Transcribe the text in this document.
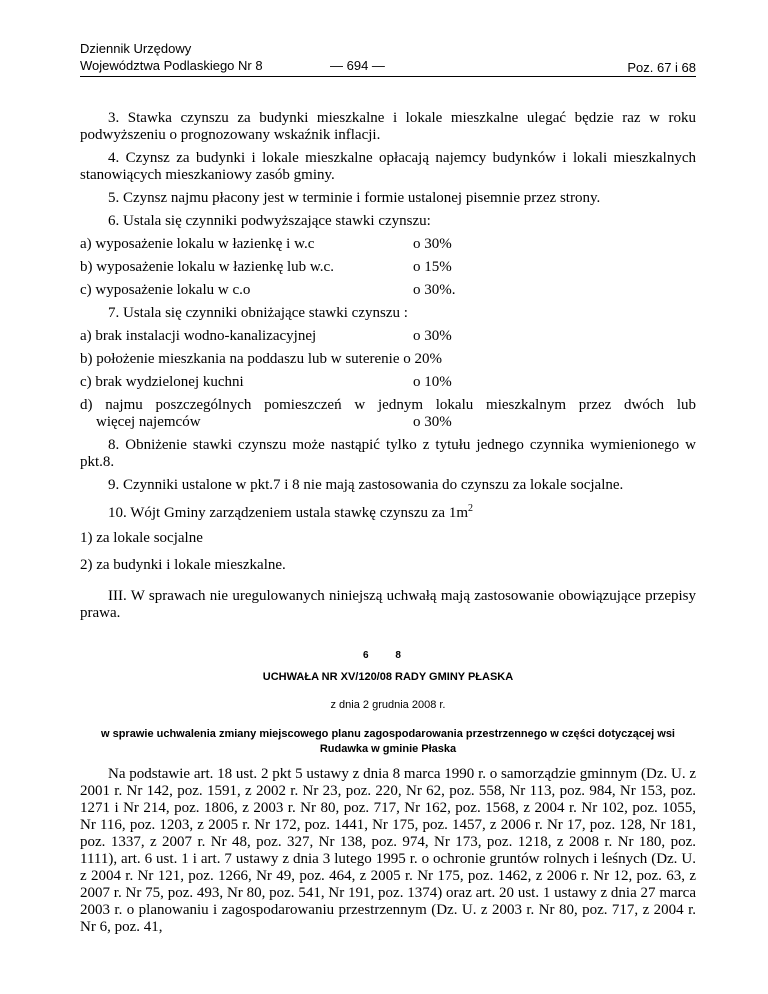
Dziennik Urzędowy
Województwa Podlaskiego Nr 8	— 694 —	Poz. 67 i 68

3. Stawka czynszu za budynki mieszkalne i lokale mieszkalne ulegać będzie raz w roku podwyższeniu o prognozowany wskaźnik inflacji.

4. Czynsz za budynki i lokale mieszkalne opłacają najemcy budynków i lokali mieszkalnych stanowiących mieszkaniowy zasób gminy.

5. Czynsz najmu płacony jest w terminie i formie ustalonej pisemnie przez strony.

6. Ustala się czynniki podwyższające stawki czynszu:

a) wyposażenie lokalu w łazienkę i w.c	o 30%
b) wyposażenie lokalu w łazienkę lub w.c.	o 15%
c) wyposażenie lokalu w c.o	o 30%.

7. Ustala się czynniki obniżające stawki czynszu :

a) brak instalacji wodno-kanalizacyjnej	o 30%
b) położenie mieszkania na poddaszu lub w suterenie o 20%
c) brak wydzielonej kuchni	o 10%
d) najmu poszczególnych pomieszczeń w jednym lokalu mieszkalnym przez dwóch lub
więcej najemców	o 30%

8. Obniżenie stawki czynszu może nastąpić tylko z tytułu jednego czynnika wymienionego w pkt.8.

9. Czynniki ustalone w pkt.7 i 8 nie mają zastosowania do czynszu za lokale socjalne.

10. Wójt Gminy zarządzeniem ustala stawkę czynszu za $1m^2$

1) za lokale socjalne

2) za budynki i lokale mieszkalne.

III. W sprawach nie uregulowanych niniejszą uchwałą mają zastosowanie obowiązujące przepisy prawa.

6 8
UCHWAŁA NR XV/120/08 RADY GMINY PŁASKA
z dnia 2 grudnia 2008 r.
w sprawie uchwalenia zmiany miejscowego planu zagospodarowania przestrzennego w części dotyczącej wsi Rudawka w gminie Płaska

Na podstawie art. 18 ust. 2 pkt 5 ustawy z dnia 8 marca 1990 r. o samorządzie gminnym (Dz. U. z 2001 r. Nr 142, poz. 1591, z 2002 r. Nr 23, poz. 220, Nr 62, poz. 558, Nr 113, poz. 984, Nr 153, poz. 1271 i Nr 214, poz. 1806, z 2003 r. Nr 80, poz. 717, Nr 162, poz. 1568, z 2004 r. Nr 102, poz. 1055, Nr 116, poz. 1203, z 2005 r. Nr 172, poz. 1441, Nr 175, poz. 1457, z 2006 r. Nr 17, poz. 128, Nr 181, poz. 1337, z 2007 r. Nr 48, poz. 327, Nr 138, poz. 974, Nr 173, poz. 1218, z 2008 r. Nr 180, poz. 1111), art. 6 ust. 1 i art. 7 ustawy z dnia 3 lutego 1995 r. o ochronie gruntów rolnych i leśnych (Dz. U. z 2004 r. Nr 121, poz. 1266, Nr 49, poz. 464, z 2005 r. Nr 175, poz. 1462, z 2006 r. Nr 12, poz. 63, z 2007 r. Nr 75, poz. 493, Nr 80, poz. 541, Nr 191, poz. 1374) oraz art. 20 ust. 1 ustawy z dnia 27 marca 2003 r. o planowaniu i zagospodarowaniu przestrzennym (Dz. U. z 2003 r. Nr 80, poz. 717, z 2004 r. Nr 6, poz. 41,
